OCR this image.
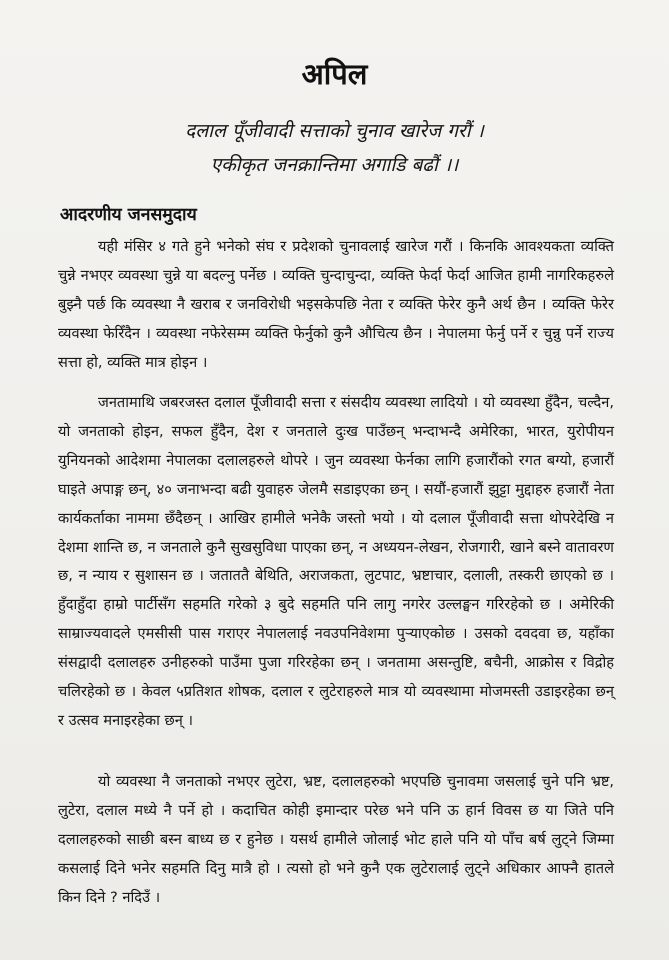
अपिल
दलाल पूँजीवादी सत्ताको चुनाव खारेज गरौं ।
एकीकृत जनक्रान्तिमा अगाडि बढौं ।।
आदरणीय जनसमुदाय
यही मंसिर ४ गते हुने भनेको संघ र प्रदेशको चुनावलाई खारेज गरौं । किनकि आवश्यकता व्यक्ति चुन्ने नभएर व्यवस्था चुन्ने या बदल्नु पर्नेछ । व्यक्ति चुन्दाचुन्दा, व्यक्ति फेर्दा फेर्दा आजित हामी नागरिकहरुले बुझ्नै पर्छ कि व्यवस्था नै खराब र जनविरोधी भइसकेपछि नेता र व्यक्ति फेरेर कुनै अर्थ छैन । व्यक्ति फेरेर व्यवस्था फेरिँदैन । व्यवस्था नफेरेसम्म व्यक्ति फेर्नुको कुनै औचित्य छैन । नेपालमा फेर्नु पर्ने र चुन्नु पर्ने राज्य सत्ता हो, व्यक्ति मात्र होइन ।
जनतामाथि जबरजस्त दलाल पूँजीवादी सत्ता र संसदीय व्यवस्था लादियो । यो व्यवस्था हुँदैन, चल्दैन, यो जनताको होइन, सफल हुँदैन, देश र जनताले दुःख पाउँछन् भन्दाभन्दै अमेरिका, भारत, युरोपीयन युनियनको आदेशमा नेपालका दलालहरुले थोपरे । जुन व्यवस्था फेर्नका लागि हजारौंको रगत बग्यो, हजारौं घाइते अपाङ्ग छन्, ४० जनाभन्दा बढी युवाहरु जेलमै सडाइएका छन् । सयौं-हजारौं झुट्टा मुद्दाहरु हजारौं नेता कार्यकर्ताका नाममा छँदैछन् । आखिर हामीले भनेकै जस्तो भयो । यो दलाल पूँजीवादी सत्ता थोपरेदेखि न देशमा शान्ति छ, न जनताले कुनै सुखसुविधा पाएका छन्, न अध्ययन-लेखन, रोजगारी, खाने बस्ने वातावरण छ, न न्याय र सुशासन छ । जताततै बेथिति, अराजकता, लुटपाट, भ्रष्टाचार, दलाली, तस्करी छाएको छ । हुँदाहुँदा हाम्रो पार्टीसँग सहमति गरेको ३ बुदे सहमति पनि लागु नगरेर उल्लङ्घन गरिरहेको छ । अमेरिकी साम्राज्यवादले एमसीसी पास गराएर नेपाललाई नवउपनिवेशमा पुर्‍याएकोछ । उसको दवदवा छ, यहाँका संसद्वादी दलालहरु उनीहरुको पाउँमा पुजा गरिरहेका छन् । जनतामा असन्तुष्टि, बचैनी, आक्रोस र विद्रोह चलिरहेको छ । केवल ५प्रतिशत शोषक, दलाल र लुटेराहरुले मात्र यो व्यवस्थामा मोजमस्ती उडाइरहेका छन् र उत्सव मनाइरहेका छन् ।
यो व्यवस्था नै जनताको नभएर लुटेरा, भ्रष्ट, दलालहरुको भएपछि चुनावमा जसलाई चुने पनि भ्रष्ट, लुटेरा, दलाल मध्ये नै पर्ने हो । कदाचित कोही इमान्दार परेछ भने पनि ऊ हार्न विवस छ या जिते पनि दलालहरुको साछी बस्न बाध्य छ र हुनेछ । यसर्थ हामीले जोलाई भोट हाले पनि यो पाँच बर्ष लुट्ने जिम्मा कसलाई दिने भनेर सहमति दिनु मात्रै हो । त्यसो हो भने कुनै एक लुटेरालाई लुट्ने अधिकार आफ्नै हातले किन दिने ? नदिउँ ।
